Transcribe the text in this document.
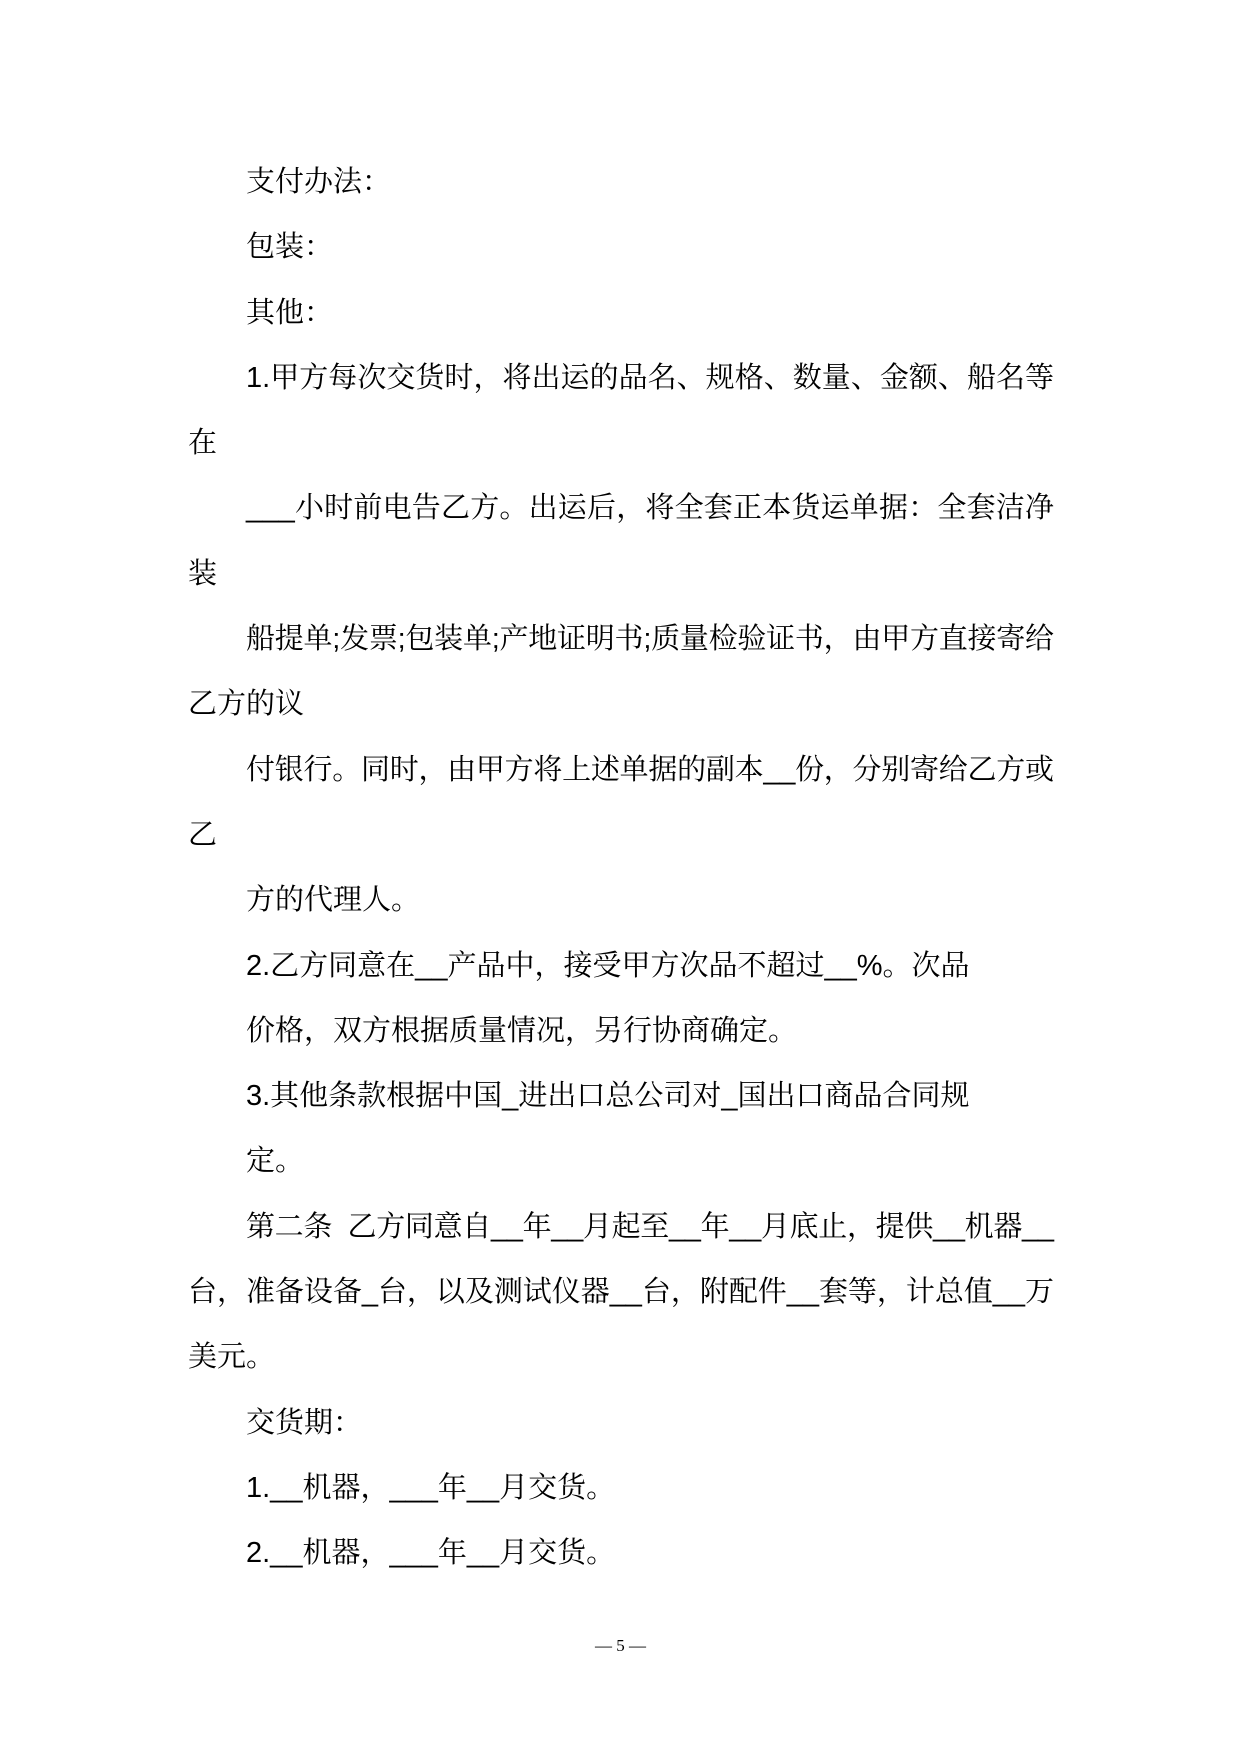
支付办法：
包装：
其他：
1.甲方每次交货时，将出运的品名、规格、数量、金额、船名等
在
___小时前电告乙方。出运后，将全套正本货运单据：全套洁净
装
船提单;发票;包装单;产地证明书;质量检验证书，由甲方直接寄给
乙方的议
付银行。同时，由甲方将上述单据的副本__份，分别寄给乙方或
乙
方的代理人。
2.乙方同意在__产品中，接受甲方次品不超过__%。次品
价格，双方根据质量情况，另行协商确定。
3.其他条款根据中国_进出口总公司对_国出口商品合同规
定。
第二条  乙方同意自__年__月起至__年__月底止，提供__机器__
台，准备设备_台，以及测试仪器__台，附配件__套等，计总值__万
美元。
交货期：
1.__机器，___年__月交货。
2.__机器，___年__月交货。
— 5 —
